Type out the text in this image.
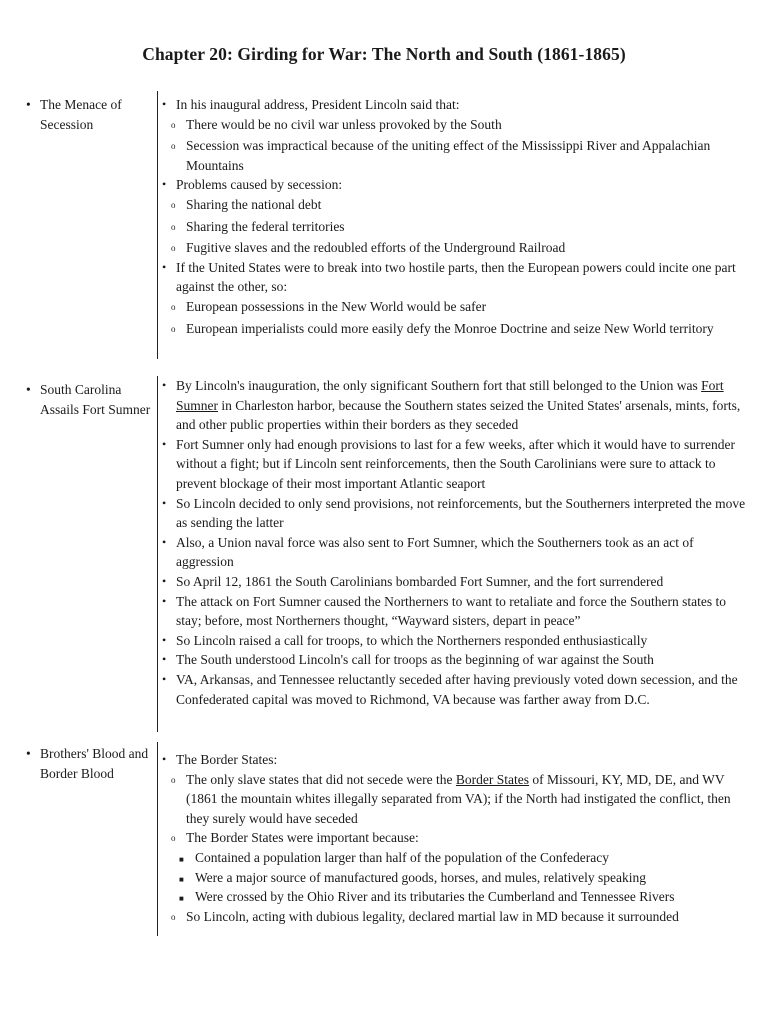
Chapter 20: Girding for War: The North and South (1861-1865)
• The Menace of Secession
• In his inaugural address, President Lincoln said that:
o There would be no civil war unless provoked by the South
o Secession was impractical because of the uniting effect of the Mississippi River and Appalachian Mountains
• Problems caused by secession:
o Sharing the national debt
o Sharing the federal territories
o Fugitive slaves and the redoubled efforts of the Underground Railroad
• If the United States were to break into two hostile parts, then the European powers could incite one part against the other, so:
o European possessions in the New World would be safer
o European imperialists could more easily defy the Monroe Doctrine and seize New World territory
• South Carolina Assails Fort Sumner
• By Lincoln's inauguration, the only significant Southern fort that still belonged to the Union was Fort Sumner in Charleston harbor, because the Southern states seized the United States' arsenals, mints, forts, and other public properties within their borders as they seceded
• Fort Sumner only had enough provisions to last for a few weeks, after which it would have to surrender without a fight; but if Lincoln sent reinforcements, then the South Carolinians were sure to attack to prevent blockage of their most important Atlantic seaport
• So Lincoln decided to only send provisions, not reinforcements, but the Southerners interpreted the move as sending the latter
• Also, a Union naval force was also sent to Fort Sumner, which the Southerners took as an act of aggression
• So April 12, 1861 the South Carolinians bombarded Fort Sumner, and the fort surrendered
• The attack on Fort Sumner caused the Northerners to want to retaliate and force the Southern states to stay; before, most Northerners thought, “Wayward sisters, depart in peace”
• So Lincoln raised a call for troops, to which the Northerners responded enthusiastically
• The South understood Lincoln's call for troops as the beginning of war against the South
• VA, Arkansas, and Tennessee reluctantly seceded after having previously voted down secession, and the Confederated capital was moved to Richmond, VA because was farther away from D.C.
• Brothers' Blood and Border Blood
• The Border States:
o The only slave states that did not secede were the Border States of Missouri, KY, MD, DE, and WV (1861 the mountain whites illegally separated from VA); if the North had instigated the conflict, then they surely would have seceded
o The Border States were important because:
■ Contained a population larger than half of the population of the Confederacy
■ Were a major source of manufactured goods, horses, and mules, relatively speaking
■ Were crossed by the Ohio River and its tributaries the Cumberland and Tennessee Rivers
o So Lincoln, acting with dubious legality, declared martial law in MD because it surrounded
